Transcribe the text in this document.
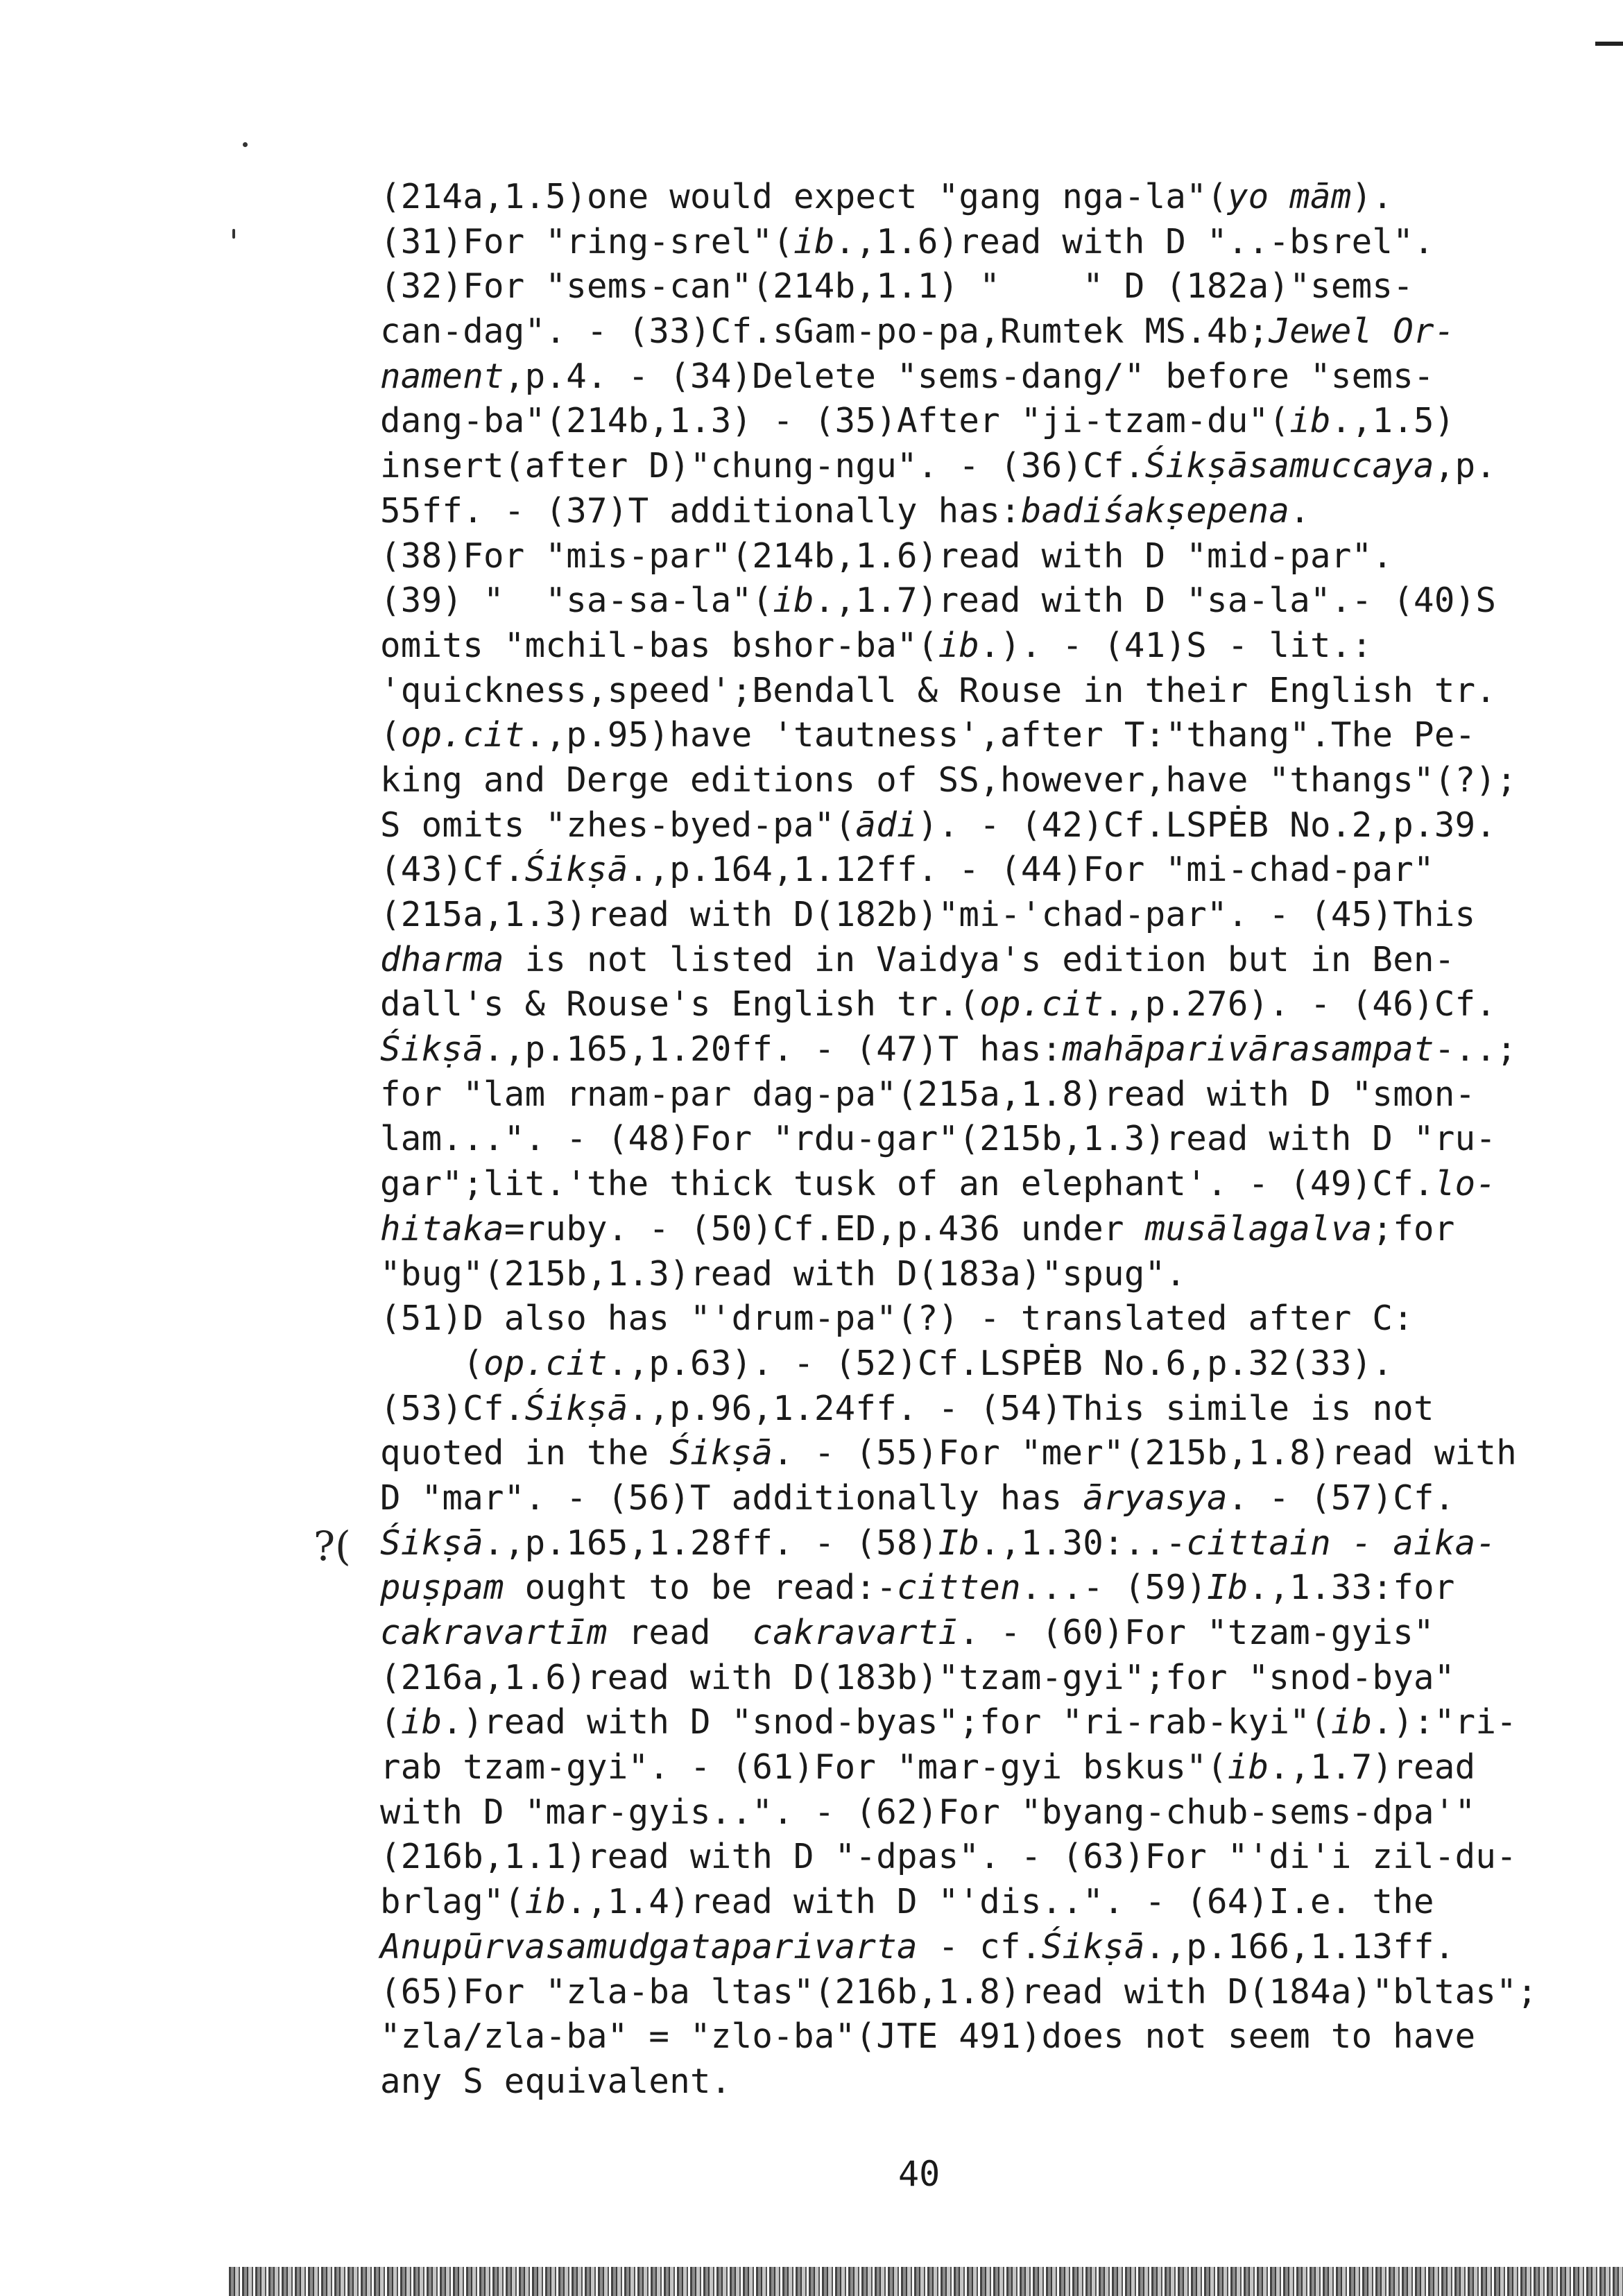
(214a,1.5)one would expect "gang nga-la"(yo mām).
(31)For "ring-srel"(ib.,1.6)read with D "..-bsrel".
(32)For "sems-can"(214b,1.1) "    " D (182a)"sems-
can-dag". - (33)Cf.sGam-po-pa,Rumtek MS.4b;Jewel Or-
nament,p.4. - (34)Delete "sems-dang/" before "sems-
dang-ba"(214b,1.3) - (35)After "ji-tzam-du"(ib.,1.5)
insert(after D)"chung-ngu". - (36)Cf.Śikṣāsamuccaya,p.
55ff. - (37)T additionally has:badiśakṣepena.
(38)For "mis-par"(214b,1.6)read with D "mid-par".
(39) "  "sa-sa-la"(ib.,1.7)read with D "sa-la".- (40)S
omits "mchil-bas bshor-ba"(ib.). - (41)S - lit.:
'quickness,speed';Bendall & Rouse in their English tr.
(op.cit.,p.95)have 'tautness',after T:"thang".The Pe-
king and Derge editions of SS,however,have "thangs"(?);
S omits "zhes-byed-pa"(ādi). - (42)Cf.LSPĖB No.2,p.39.
(43)Cf.Śikṣā.,p.164,1.12ff. - (44)For "mi-chad-par"
(215a,1.3)read with D(182b)"mi-'chad-par". - (45)This
dharma is not listed in Vaidya's edition but in Ben-
dall's & Rouse's English tr.(op.cit.,p.276). - (46)Cf.
Śikṣā.,p.165,1.20ff. - (47)T has:mahāparivārasampat-..;
for "lam rnam-par dag-pa"(215a,1.8)read with D "smon-
lam...". - (48)For "rdu-gar"(215b,1.3)read with D "ru-
gar";lit.'the thick tusk of an elephant'. - (49)Cf.lo-
hitaka=ruby. - (50)Cf.ED,p.436 under musālagalva;for
"bug"(215b,1.3)read with D(183a)"spug".
(51)D also has "'drum-pa"(?) - translated after C:
(op.cit.,p.63). - (52)Cf.LSPĖB No.6,p.32(33).
(53)Cf.Śikṣā.,p.96,1.24ff. - (54)This simile is not
quoted in the Śikṣā. - (55)For "mer"(215b,1.8)read with
D "mar". - (56)T additionally has āryasya. - (57)Cf.
Śikṣā.,p.165,1.28ff. - (58)Ib.,1.30:..-cittain - aika-
puṣpam ought to be read:-citten...- (59)Ib.,1.33:for
cakravartīm read  cakravartī. - (60)For "tzam-gyis"
(216a,1.6)read with D(183b)"tzam-gyi";for "snod-bya"
(ib.)read with D "snod-byas";for "ri-rab-kyi"(ib.):"ri-
rab tzam-gyi". - (61)For "mar-gyi bskus"(ib.,1.7)read
with D "mar-gyis..". - (62)For "byang-chub-sems-dpa'"
(216b,1.1)read with D "-dpas". - (63)For "'di'i zil-du-
brlag"(ib.,1.4)read with D "'dis..". - (64)I.e. the
Anupūrvasamudgataparivarta - cf.Śikṣā.,p.166,1.13ff.
(65)For "zla-ba ltas"(216b,1.8)read with D(184a)"bltas";
"zla/zla-ba" = "zlo-ba"(JTE 491)does not seem to have
any S equivalent.
?(
40
